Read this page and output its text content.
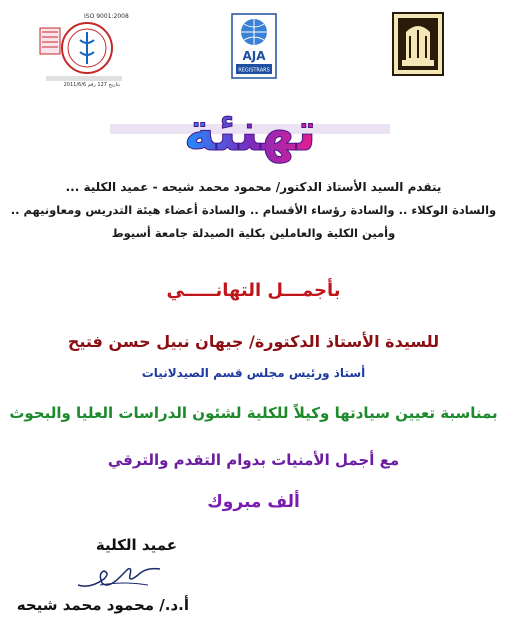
ISO 9001:2008
2011/6/6 بتاريخ 127 رقم
AJA
REGISTRARS
تهنئة
يتقدم السيد الأستاذ الدكتور/ محمود محمد شيحه - عميد الكلية ...
والسادة الوكلاء .. والسادة رؤساء الأقسام .. والسادة أعضاء هيئة التدريس ومعاونيهم ..
وأمين الكلية والعاملين بكلية الصيدلة جامعة أسيوط
بأجمـــل التهانـــــي
للسيدة الأستاذ الدكتورة/ جيهان نبيل حسن فتيح
أستاذ ورئيس مجلس قسم الصيدلانيات
بمناسبة تعيين سيادتها وكيلاً للكلية لشئون الدراسات العليا والبحوث
مع أجمل الأمنيات بدوام التقدم والترقي
ألف مبروك
عميد الكلية
أ.د./ محمود محمد شيحه
